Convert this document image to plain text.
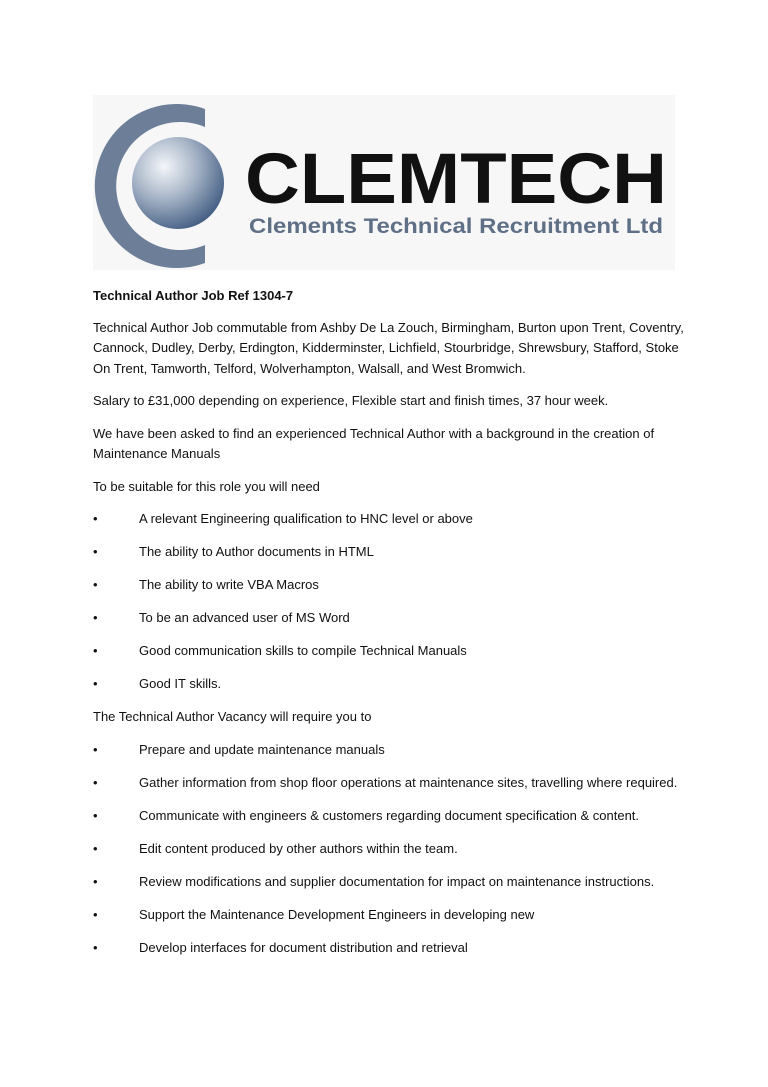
CLEMTECH
Clements Technical Recruitment Ltd

Technical Author Job Ref 1304-7

Technical Author Job commutable from Ashby De La Zouch, Birmingham, Burton upon Trent, Coventry, Cannock, Dudley, Derby, Erdington, Kidderminster, Lichfield, Stourbridge, Shrewsbury, Stafford, Stoke On Trent, Tamworth, Telford, Wolverhampton, Walsall, and West Bromwich.

Salary to £31,000 depending on experience, Flexible start and finish times, 37 hour week.

We have been asked to find an experienced Technical Author with a background in the creation of Maintenance Manuals

To be suitable for this role you will need

•	A relevant Engineering qualification to HNC level or above

•	The ability to Author documents in HTML

•	The ability to write VBA Macros

•	To be an advanced user of MS Word

•	Good communication skills to compile Technical Manuals

•	Good IT skills.

The Technical Author Vacancy will require you to

•	Prepare and update maintenance manuals

•	Gather information from shop floor operations at maintenance sites, travelling where required.

•	Communicate with engineers & customers regarding document specification & content.

•	Edit content produced by other authors within the team.

•	Review modifications and supplier documentation for impact on maintenance instructions.

•	Support the Maintenance Development Engineers in developing new

•	Develop interfaces for document distribution and retrieval
